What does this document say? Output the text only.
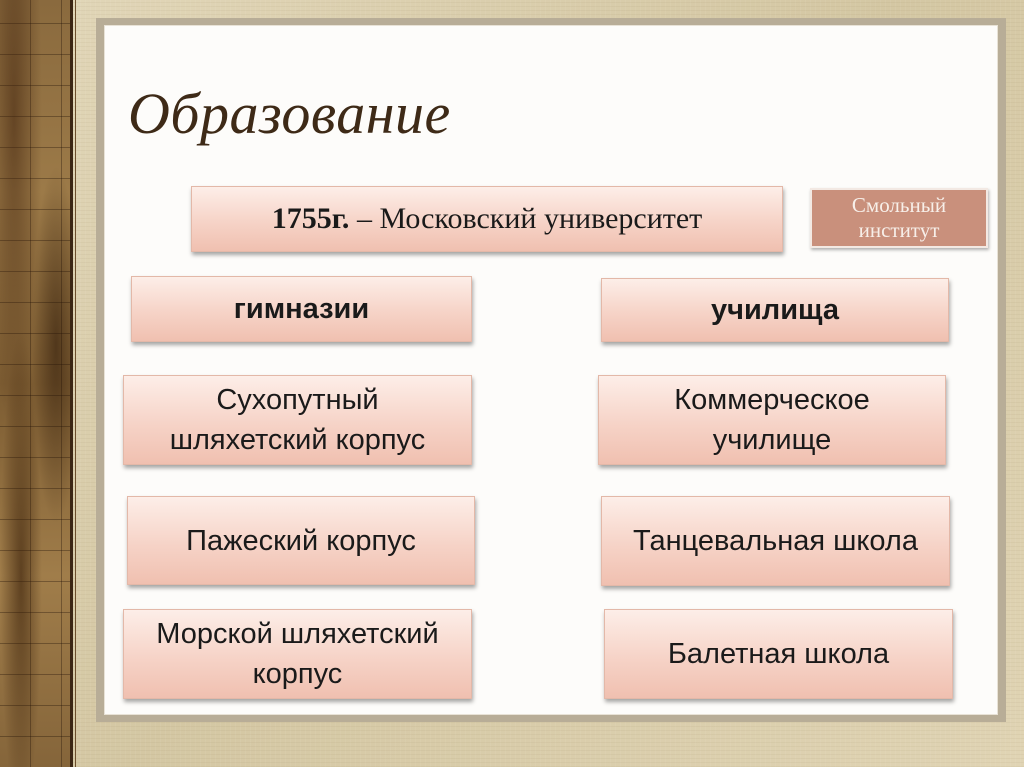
Образование
1755г. – Московский университет	Смольный
институт
гимназии	училища
Сухопутный
шляхетский корпус
Коммерческое
училище
Пажеский корпус	Танцевальная школа
Морской шляхетский
корпус
Балетная школа
